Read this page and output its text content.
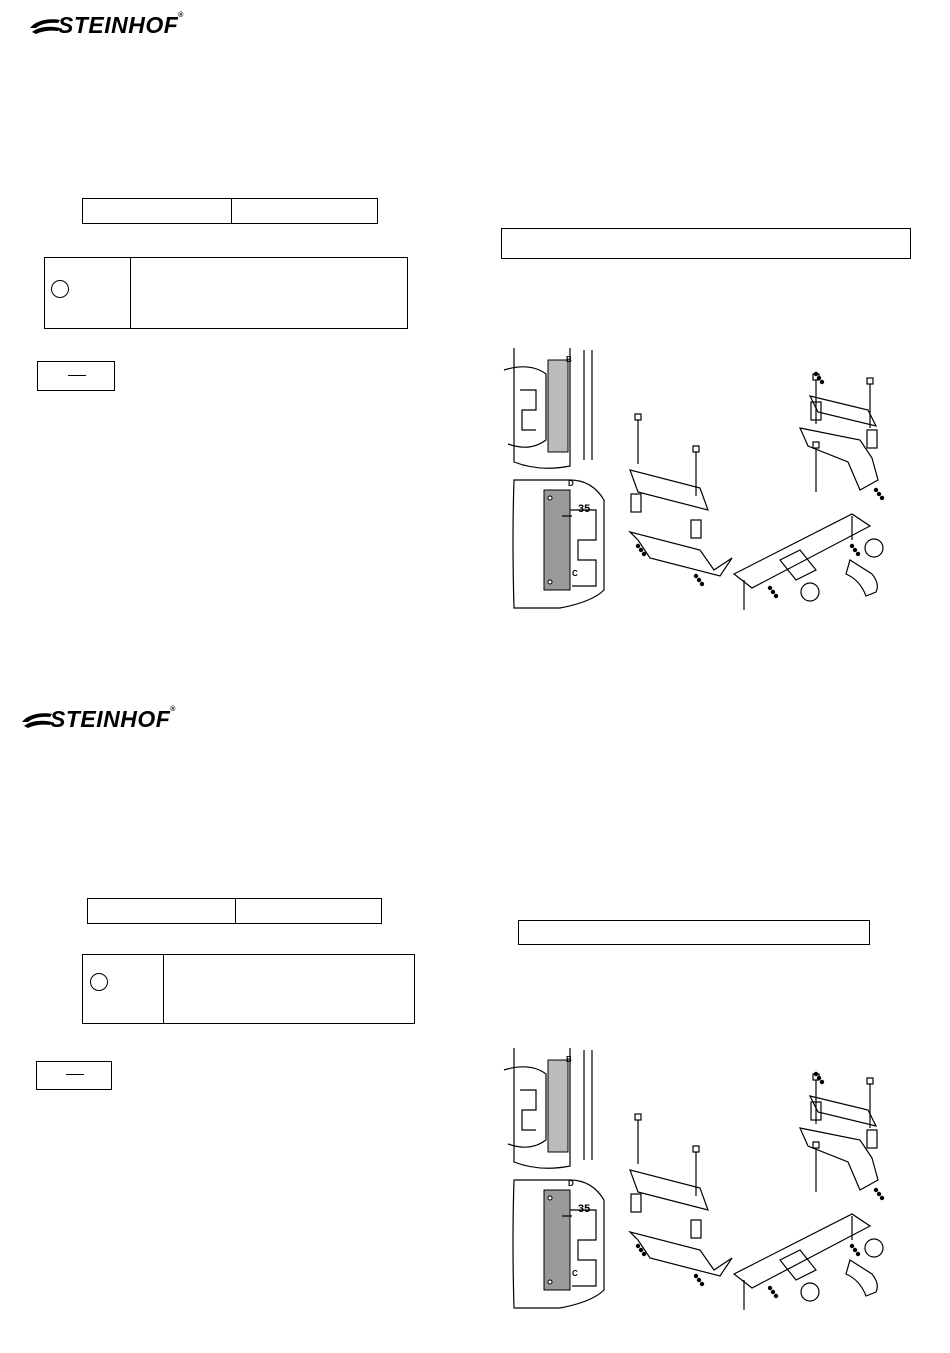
STEINHOF®
D
B
C
35
STEINHOF®
D
B
C
35
